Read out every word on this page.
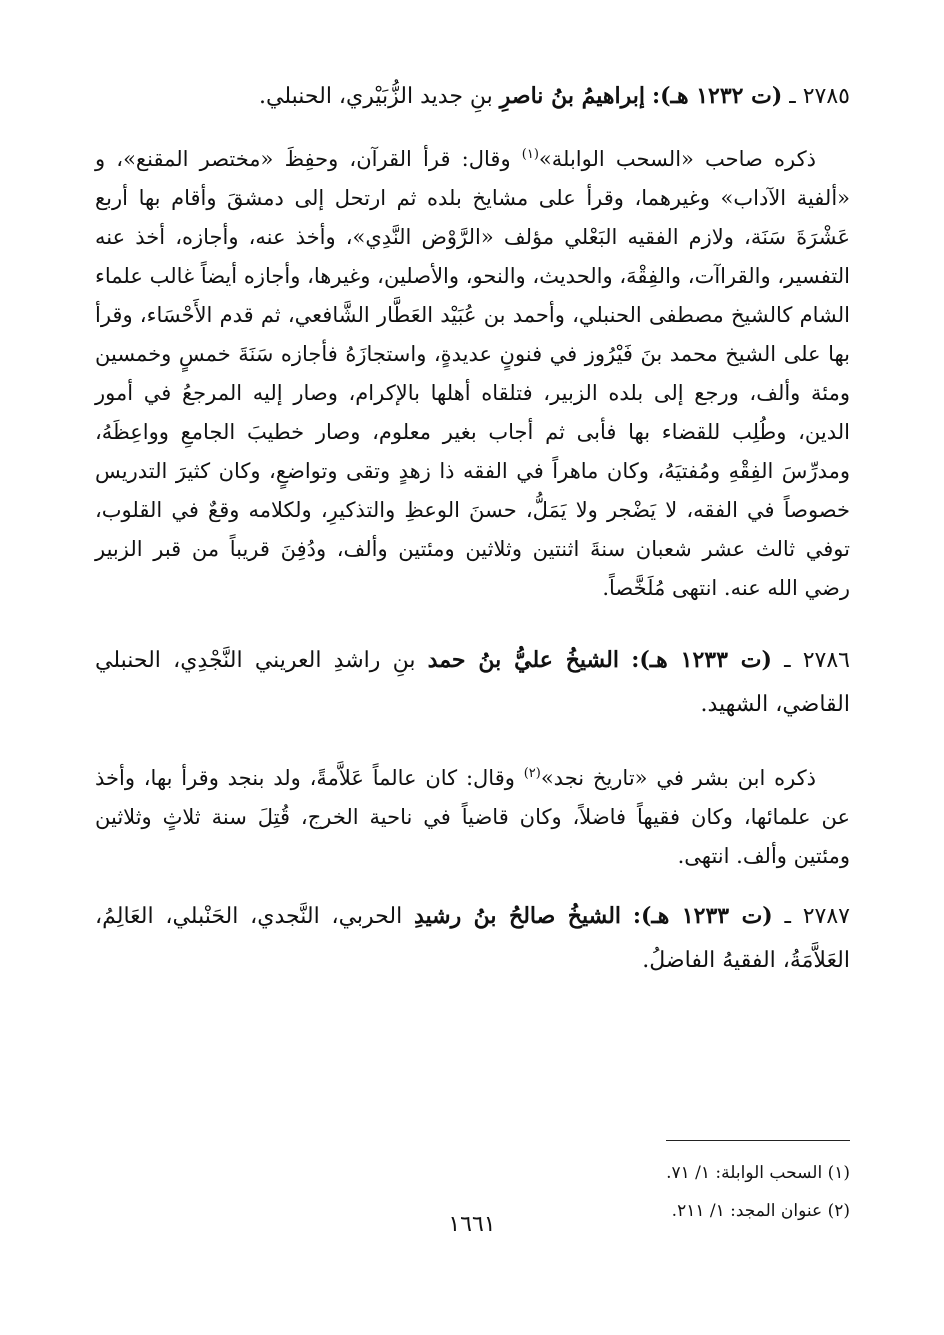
٢٧٨٥ ـ (ت ١٢٣٢ هـ): إبراهيمُ بنُ ناصرِ بنِ جديد الزُّبَيْري، الحنبلي.

ذكره صاحب «السحب الوابلة»$^{(١)}$ وقال: قرأ القرآن، وحفِظَ «مختصر المقنع»، و «ألفية الآداب» وغيرهما، وقرأ على مشايخ بلده ثم ارتحل إلى دمشقَ وأقام بها أربع عَشْرَةَ سَنَة، ولازم الفقيه البَعْلي مؤلف «الرَّوْض النَّدِي»، وأخذ عنه، وأجازه، أخذ عنه التفسير، والقراآت، والفِقْهَ، والحديث، والنحو، والأصلين، وغيرها، وأجازه أيضاً غالب علماء الشام كالشيخ مصطفى الحنبلي، وأحمد بن عُبَيْد العَطَّار الشَّافعي، ثم قدم الأَحْسَاء، وقرأ بها على الشيخ محمد بنَ فَيْرُوز في فنونٍ عديدةٍ، واستجازَهُ فأجازه سَنَةَ خمسٍ وخمسين ومئة وألف، ورجع إلى بلده الزبير، فتلقاه أهلها بالإكرام، وصار إليه المرجعُ في أمور الدين، وطُلِب للقضاء بها فأبى ثم أجاب بغير معلوم، وصار خطيبَ الجامعِ وواعِظَهُ، ومدرِّسَ الفِقْهِ ومُفتيَهُ، وكان ماهراً في الفقه ذا زهدٍ وتقى وتواضعٍ، وكان كثيرَ التدريس خصوصاً في الفقه، لا يَضْجر ولا يَمَلُّ، حسنَ الوعظِ والتذكيرِ، ولكلامه وقعٌ في القلوب، توفي ثالث عشر شعبان سنةَ اثنتين وثلاثين ومئتين وألف، ودُفِنَ قريباً من قبر الزبير رضي الله عنه. انتهى مُلَخَّصاً.

٢٧٨٦ ـ (ت ١٢٣٣ هـ): الشيخُ عليُّ بنُ حمد بنِ راشدِ العريني النَّجْدِي، الحنبلي القاضي، الشهيد.

ذكره ابن بشر في «تاريخ نجد»$^{(٢)}$ وقال: كان عالماً عَلاَّمةً، ولد بنجد وقرأ بها، وأخذ عن علمائها، وكان فقيهاً فاضلاً، وكان قاضياً في ناحية الخرج، قُتِلَ سنة ثلاثٍ وثلاثين ومئتين وألف. انتهى.

٢٧٨٧ ـ (ت ١٢٣٣ هـ): الشيخُ صالحُ بنُ رشيدِ الحربي، النَّجدي، الحَنْبلي، العَالِمُ، العَلاَّمَةُ، الفقيهُ الفاضلُ.

(١) السحب الوابلة: ١/ ٧١.

(٢) عنوان المجد: ١/ ٢١١.

١٦٦١
